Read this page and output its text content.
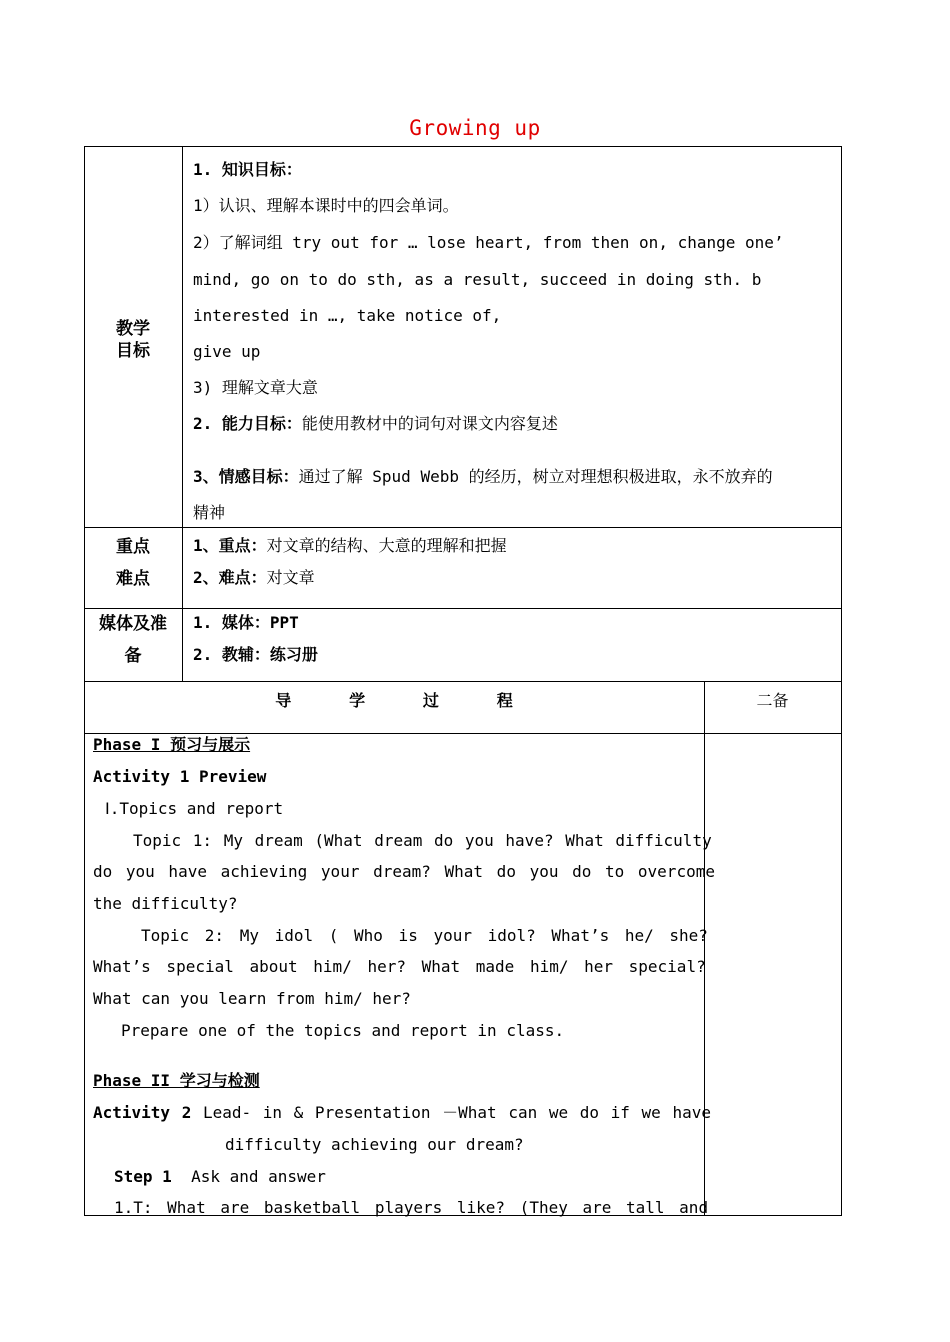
Growing up
教学
目标
1. 知识目标：
1）认识、理解本课时中的四会单词。
2）了解词组 try out for … lose heart, from then on, change one’
mind, go on to do sth, as a result, succeed in doing sth. b
interested in …, take notice of,
give up
3) 理解文章大意
2. 能力目标：能使用教材中的词句对课文内容复述
3、情感目标：通过了解 Spud Webb 的经历，树立对理想积极进取，永不放弃的
精神
重点
难点
1、重点：对文章的结构、大意的理解和把握
2、难点：对文章
媒体及准
备
1. 媒体：PPT
2. 教辅：练习册
导      学      过      程	二备
Phase I 预习与展示
Activity 1 Preview
Ⅰ.Topics and report
Topic 1: My dream (What dream do you have? What difficulty
do you have achieving your dream? What do you do to overcome
the difficulty?
Topic 2: My idol ( Who is your idol? What’s he/ she?
What’s special about him/ her? What made him/ her special?
What can you learn from him/ her?
Prepare one of the topics and report in class.
Phase II 学习与检测
Activity 2 Lead- in & Presentation －What can we do if we have
difficulty achieving our dream?
Step 1 Ask and answer
1.T: What are basketball players like? (They are tall and
